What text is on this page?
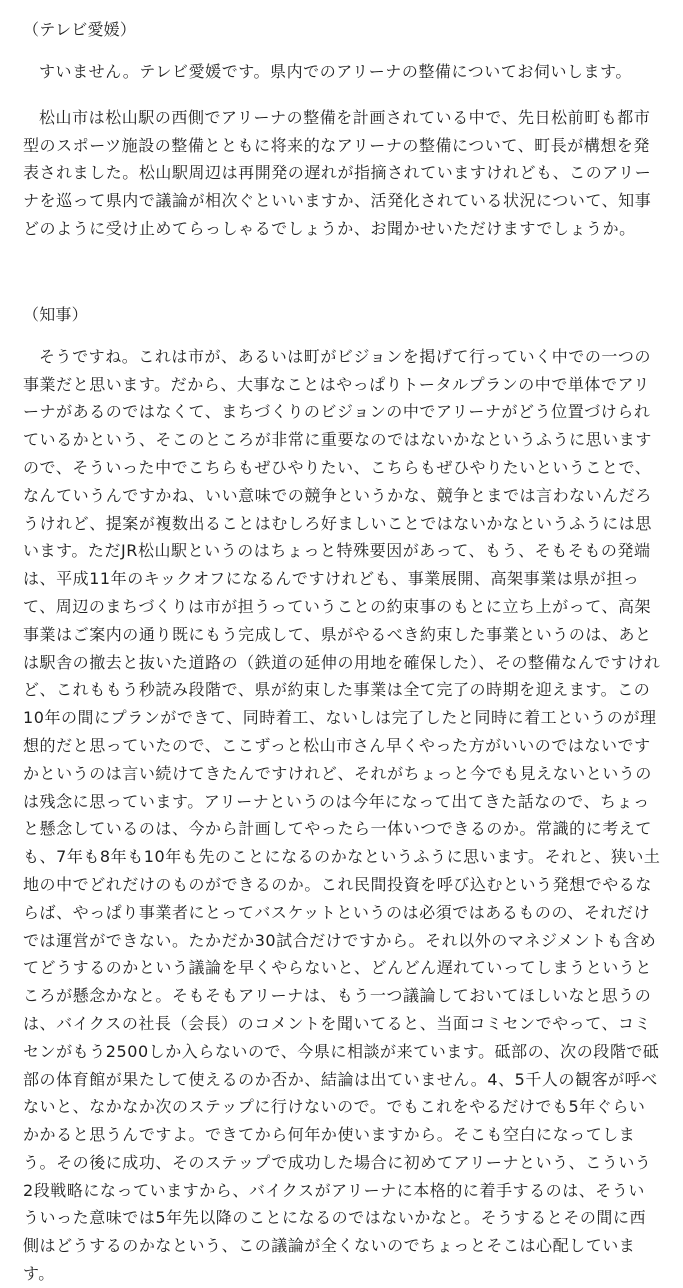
（テレビ愛媛）

すいません。テレビ愛媛です。県内でのアリーナの整備についてお伺いします。

松山市は松山駅の西側でアリーナの整備を計画されている中で、先日松前町も都市型のスポーツ施設の整備とともに将来的なアリーナの整備について、町長が構想を発表されました。松山駅周辺は再開発の遅れが指摘されていますけれども、このアリーナを巡って県内で議論が相次ぐといいますか、活発化されている状況について、知事どのように受け止めてらっしゃるでしょうか、お聞かせいただけますでしょうか。

（知事）

そうですね。これは市が、あるいは町がビジョンを掲げて行っていく中での一つの事業だと思います。だから、大事なことはやっぱりトータルプランの中で単体でアリーナがあるのではなくて、まちづくりのビジョンの中でアリーナがどう位置づけられているかという、そこのところが非常に重要なのではないかなというふうに思いますので、そういった中でこちらもぜひやりたい、こちらもぜひやりたいということで、なんていうんですかね、いい意味での競争というかな、競争とまでは言わないんだろうけれど、提案が複数出ることはむしろ好ましいことではないかなというふうには思います。ただJR松山駅というのはちょっと特殊要因があって、もう、そもそもの発端は、平成11年のキックオフになるんですけれども、事業展開、高架事業は県が担って、周辺のまちづくりは市が担うっていうことの約束事のもとに立ち上がって、高架事業はご案内の通り既にもう完成して、県がやるべき約束した事業というのは、あとは駅舎の撤去と抜いた道路の（鉄道の延伸の用地を確保した）、その整備なんですけれど、これももう秒読み段階で、県が約束した事業は全て完了の時期を迎えます。この10年の間にプランができて、同時着工、ないしは完了したと同時に着工というのが理想的だと思っていたので、ここずっと松山市さん早くやった方がいいのではないですかというのは言い続けてきたんですけれど、それがちょっと今でも見えないというのは残念に思っています。アリーナというのは今年になって出てきた話なので、ちょっと懸念しているのは、今から計画してやったら一体いつできるのか。常識的に考えても、7年も8年も10年も先のことになるのかなというふうに思います。それと、狭い土地の中でどれだけのものができるのか。これ民間投資を呼び込むという発想でやるならば、やっぱり事業者にとってバスケットというのは必須ではあるものの、それだけでは運営ができない。たかだか30試合だけですから。それ以外のマネジメントも含めてどうするのかという議論を早くやらないと、どんどん遅れていってしまうというところが懸念かなと。そもそもアリーナは、もう一つ議論しておいてほしいなと思うのは、バイクスの社長（会長）のコメントを聞いてると、当面コミセンでやって、コミセンがもう2500しか入らないので、今県に相談が来ています。砥部の、次の段階で砥部の体育館が果たして使えるのか否か、結論は出ていません。4、5千人の観客が呼べないと、なかなか次のステップに行けないので。でもこれをやるだけでも5年ぐらいかかると思うんですよ。できてから何年か使いますから。そこも空白になってしまう。その後に成功、そのステップで成功した場合に初めてアリーナという、こういう2段戦略になっていますから、バイクスがアリーナに本格的に着手するのは、そういういった意味では5年先以降のことになるのではないかなと。そうするとその間に西側はどうするのかなという、この議論が全くないのでちょっとそこは心配しています。
